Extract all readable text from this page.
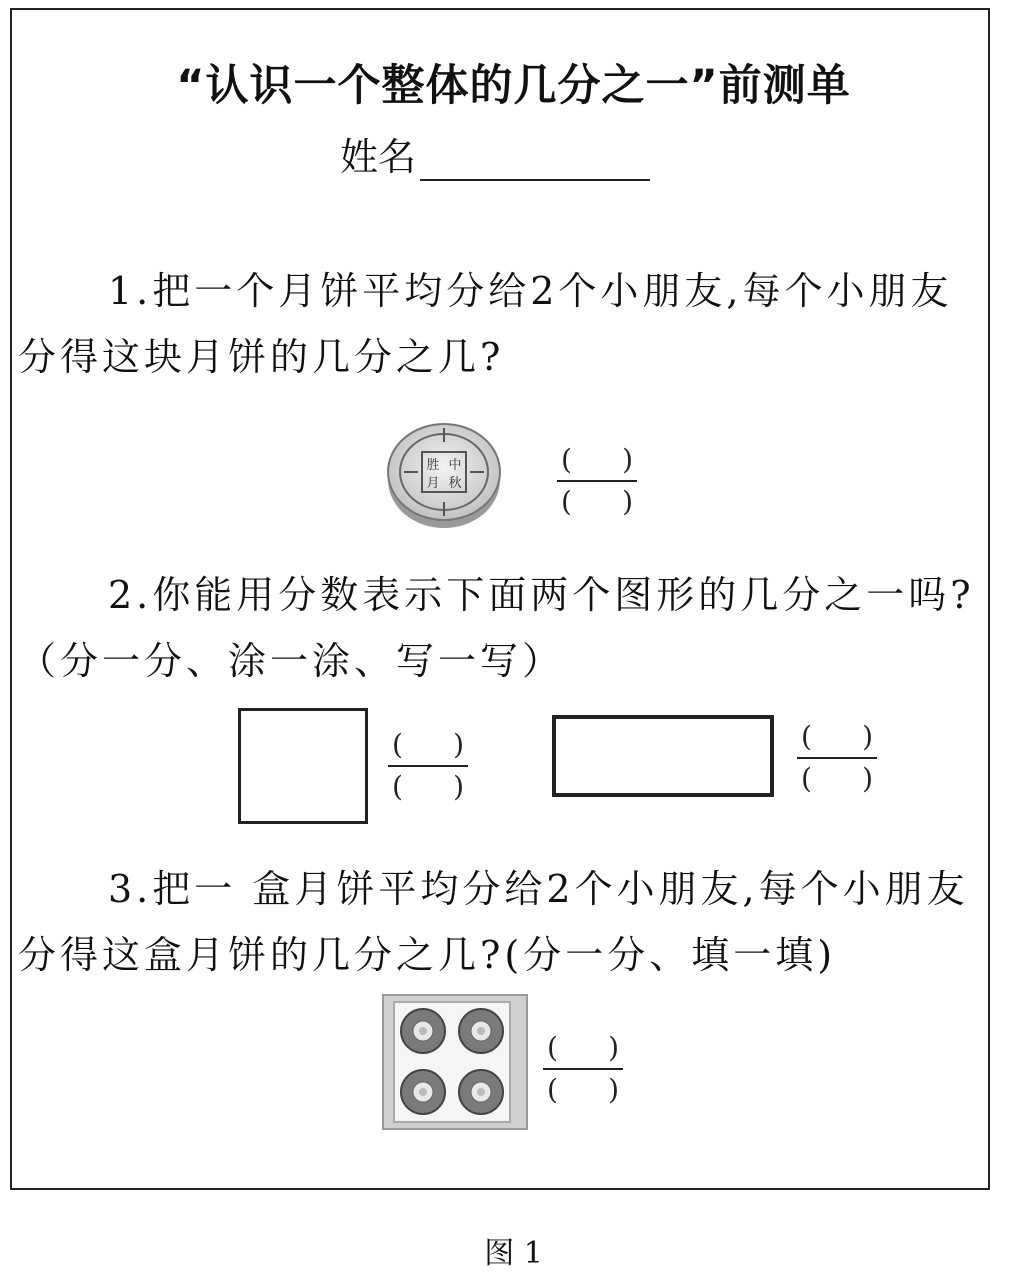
“认识一个整体的几分之一”前测单
姓名
1.把一个月饼平均分给2个小朋友,每个小朋友分得这块月饼的几分之几?
胜 中
月 秋
( )
( )
2.你能用分数表示下面两个图形的几分之一吗?（分一分、涂一涂、写一写）
( )
( )
( )
( )
3.把一 盒月饼平均分给2个小朋友,每个小朋友分得这盒月饼的几分之几?(分一分、填一填)
( )
( )
图 1
